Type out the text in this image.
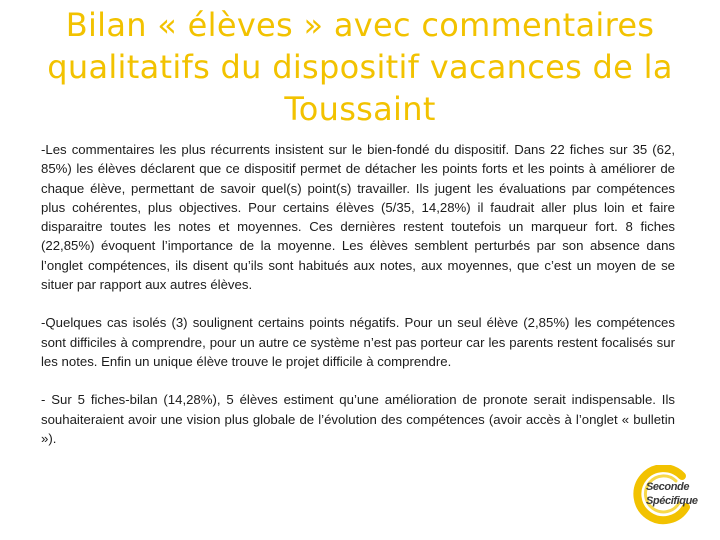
Bilan « élèves » avec commentaires qualitatifs du dispositif vacances de la Toussaint

-Les commentaires les plus récurrents insistent sur le bien-fondé du dispositif. Dans 22 fiches sur 35 (62, 85%) les élèves déclarent que ce dispositif permet de détacher les points forts et les points à améliorer de chaque élève, permettant de savoir quel(s) point(s) travailler. Ils jugent les évaluations par compétences plus cohérentes, plus objectives. Pour certains élèves (5/35, 14,28%) il faudrait aller plus loin et faire disparaitre toutes les notes et moyennes. Ces dernières restent toutefois un marqueur fort. 8 fiches (22,85%) évoquent l’importance de la moyenne. Les élèves semblent perturbés par son absence dans l’onglet compétences, ils disent qu’ils sont habitués aux notes, aux moyennes, que c’est un moyen de se situer par rapport aux autres élèves.

-Quelques cas isolés (3) soulignent certains points négatifs. Pour un seul élève (2,85%) les compétences sont difficiles à comprendre, pour un autre ce système n’est pas porteur car les parents restent focalisés sur les notes. Enfin un unique élève trouve le projet difficile à comprendre.

- Sur 5 fiches-bilan (14,28%), 5 élèves estiment qu’une amélioration de pronote serait indispensable. Ils souhaiteraient avoir une vision plus globale de l’évolution des compétences (avoir accès à l’onglet « bulletin »).

Seconde
Spécifique
